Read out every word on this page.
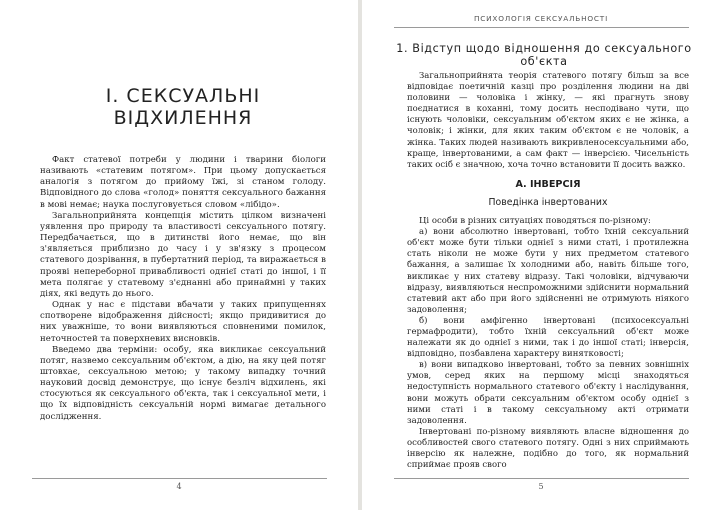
І. СЕКСУАЛЬНІ ВІДХИЛЕННЯ

Факт статевої потреби у людини і тварини біологи називають «статевим потягом». При цьому допускається аналогія з потягом до прийому їжі, зі станом голоду. Відповідного до слова «голод» поняття сексуального бажання в мові немає; наука послуговується словом «лібідо».

Загальноприйнята концепція містить цілком визначені уявлення про природу та властивості сексуального потягу. Передбачається, що в дитинстві його немає, що він з'являється приблизно до часу і у зв'язку з процесом статевого дозрівання, в пубертатний період, та виражається в прояві непереборної привабливості однієї статі до іншої, і її мета полягає у статевому з'єднанні або принаймні у таких діях, які ведуть до нього.

Однак у нас є підстави вбачати у таких припущеннях спотворене відображення дійсності; якщо придивитися до них уважніше, то вони виявляються сповненими помилок, неточностей та поверхневих висновків.

Введемо два терміни: особу, яка викликає сексуальний потяг, назвемо сексуальним об'єктом, а дію, на яку цей потяг штовхає, сексуальною метою; у такому випадку точний науковий досвід демонструє, що існує безліч відхилень, які стосуються як сексуального об'єкта, так і сексуальної мети, і що їх відповідність сексуальній нормі вимагає детального дослідження.

4

ПСИХОЛОГІЯ СЕКСУАЛЬНОСТІ

1. Відступ щодо відношення до сексуального об'єкта

Загальноприйнята теорія статевого потягу більш за все відповідає поетичній казці про розділення людини на дві половини — чоловіка і жінку, — які прагнуть знову поєднатися в коханні, тому досить несподівано чути, що існують чоловіки, сексуальним об'єктом яких є не жінка, а чоловік; і жінки, для яких таким об'єктом є не чоловік, а жінка. Таких людей називають викривленосексуальними або, краще, інвертованими, а сам факт — інверсією. Чисельність таких осіб є значною, хоча точно встановити її досить важко.

А. ІНВЕРСІЯ
Поведінка інвертованих

Ці особи в різних ситуаціях поводяться по-різному:

а) вони абсолютно інвертовані, тобто їхній сексуальний об'єкт може бути тільки однієї з ними статі, і протилежна стать ніколи не може бути у них предметом статевого бажання, а залишає їх холодними або, навіть більше того, викликає у них статеву відразу. Такі чоловіки, відчуваючи відразу, виявляються неспроможними здійснити нормальний статевий акт або при його здійсненні не отримують ніякого задоволення;

б) вони амфігенно інвертовані (психосексуальні гермафродити), тобто їхній сексуальний об'єкт може належати як до однієї з ними, так і до іншої статі; інверсія, відповідно, позбавлена характеру винятковості;

в) вони випадково інвертовані, тобто за певних зовнішніх умов, серед яких на першому місці знаходяться недоступність нормального статевого об'єкту і наслідування, вони можуть обрати сексуальним об'єктом особу однієї з ними статі і в такому сексуальному акті отримати задоволення.

Інвертовані по-різному виявляють власне відношення до особливостей свого статевого потягу. Одні з них сприймають інверсію як належне, подібно до того, як нормальний сприймає прояв свого

5
